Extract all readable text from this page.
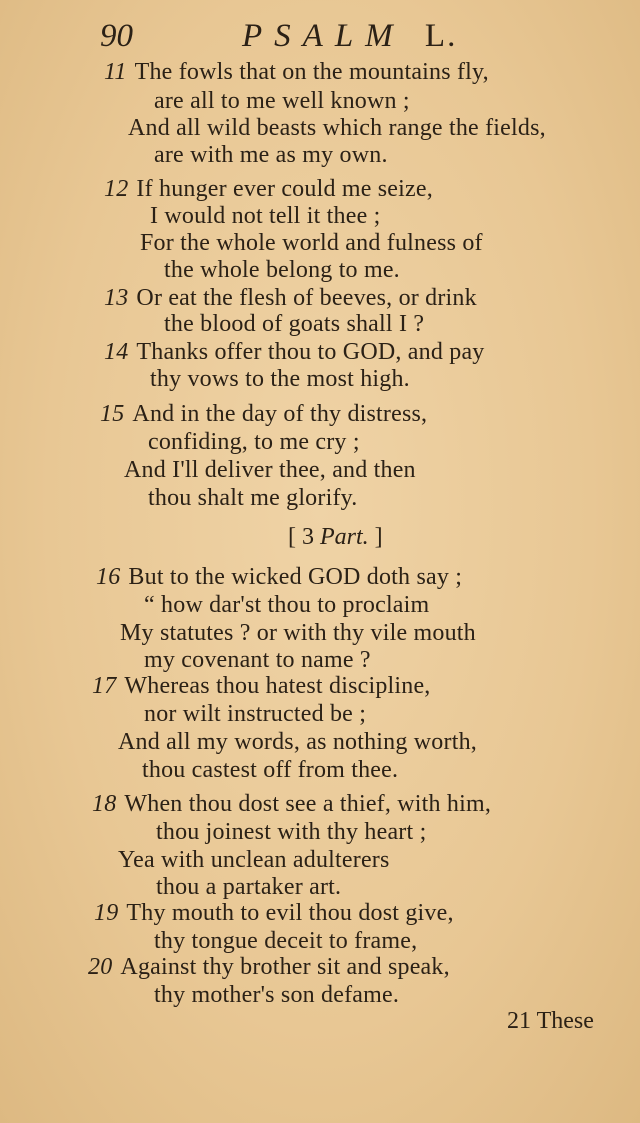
90	PSALM L.
11 The fowls that on the mountains fly,
are all to me well known ;
And all wild beasts which range the fields,
are with me as my own.
12 If hunger ever could me seize,
I would not tell it thee ;
For the whole world and fulness of
the whole belong to me.
13 Or eat the flesh of beeves, or drink
the blood of goats shall I ?
14 Thanks offer thou to GOD, and pay
thy vows to the most high.
15 And in the day of thy distress,
confiding, to me cry ;
And I'll deliver thee, and then
thou shalt me glorify.
[ 3 Part. ]
16 But to the wicked GOD doth say ;
“ how dar'st thou to proclaim
My statutes ? or with thy vile mouth
my covenant to name ?
17 Whereas thou hatest discipline,
nor wilt instructed be ;
And all my words, as nothing worth,
thou castest off from thee.
18 When thou dost see a thief, with him,
thou joinest with thy heart ;
Yea with unclean adulterers
thou a partaker art.
19 Thy mouth to evil thou dost give,
thy tongue deceit to frame,
20 Against thy brother sit and speak,
thy mother's son defame.
21 These
